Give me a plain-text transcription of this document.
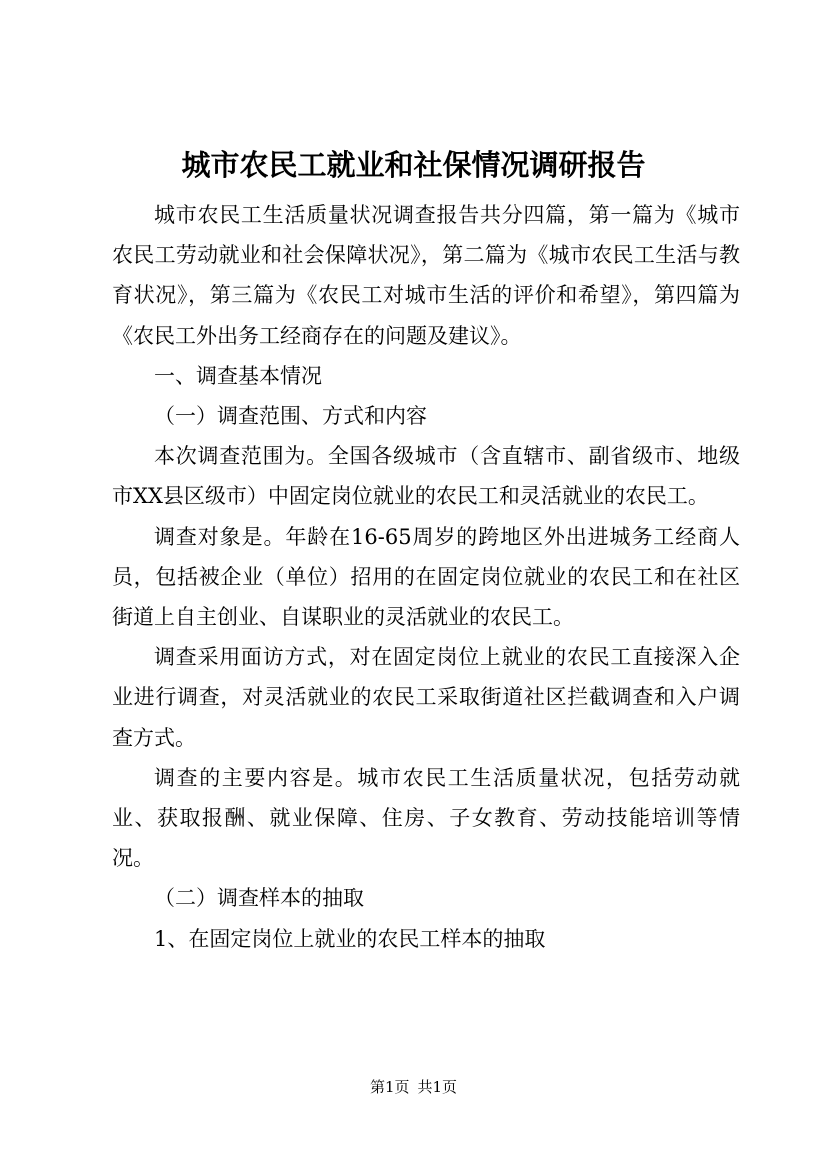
城市农民工就业和社保情况调研报告

城市农民工生活质量状况调查报告共分四篇，第一篇为《城市农民工劳动就业和社会保障状况》，第二篇为《城市农民工生活与教育状况》，第三篇为《农民工对城市生活的评价和希望》，第四篇为《农民工外出务工经商存在的问题及建议》。

一、调查基本情况

（一）调查范围、方式和内容

本次调查范围为。全国各级城市（含直辖市、副省级市、地级市XX县区级市）中固定岗位就业的农民工和灵活就业的农民工。

调查对象是。年龄在16-65周岁的跨地区外出进城务工经商人员，包括被企业（单位）招用的在固定岗位就业的农民工和在社区街道上自主创业、自谋职业的灵活就业的农民工。

调查采用面访方式，对在固定岗位上就业的农民工直接深入企业进行调查，对灵活就业的农民工采取街道社区拦截调查和入户调查方式。

调查的主要内容是。城市农民工生活质量状况，包括劳动就业、获取报酬、就业保障、住房、子女教育、劳动技能培训等情况。

（二）调查样本的抽取

1、在固定岗位上就业的农民工样本的抽取

第1页 共1页
